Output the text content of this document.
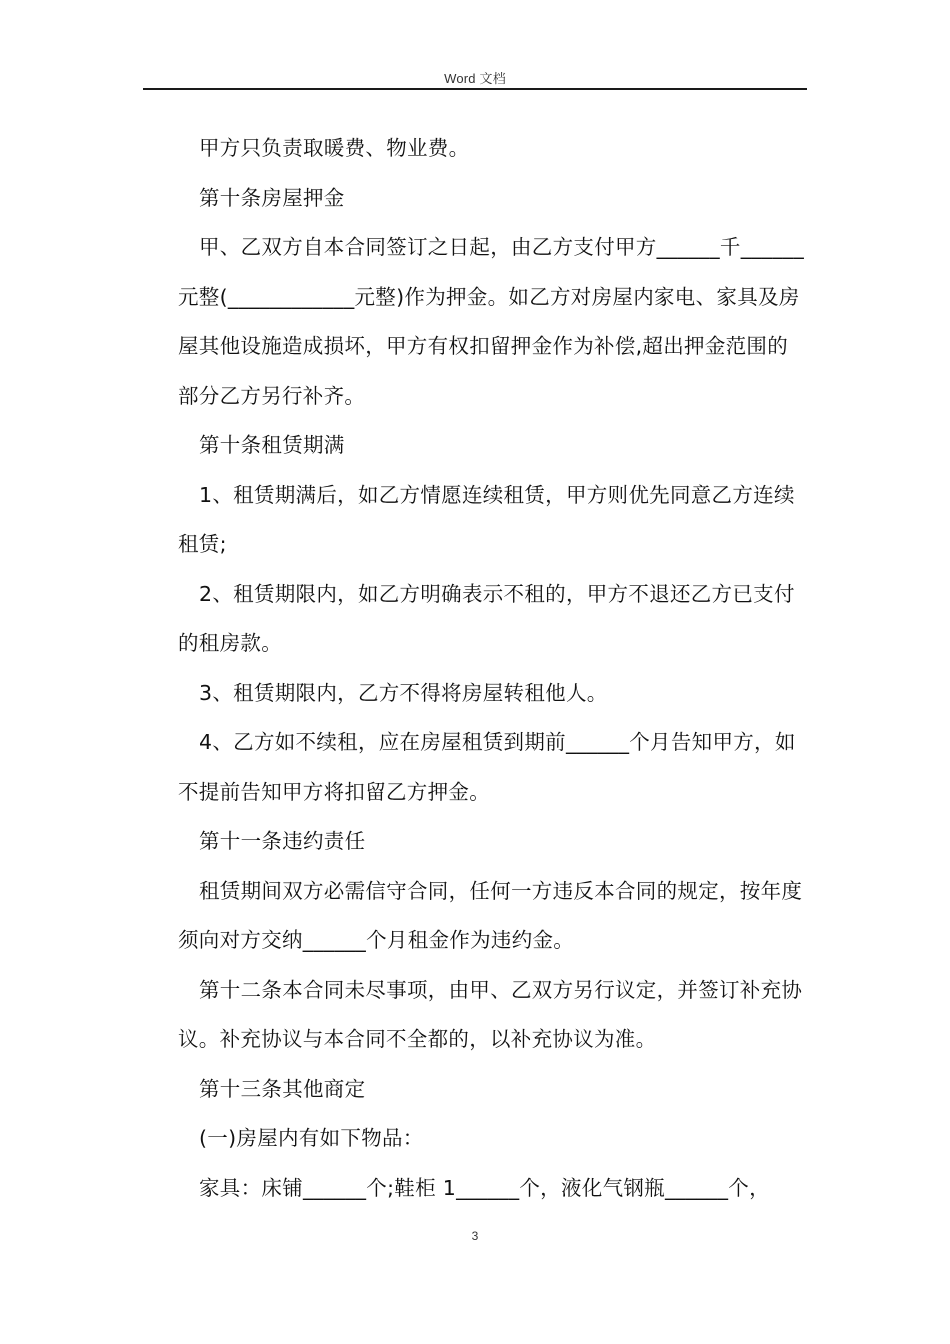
Word 文档

甲方只负责取暖费、物业费。

第十条房屋押金

甲、乙双方自本合同签订之日起，由乙方支付甲方______千______元整(____________元整)作为押金。如乙方对房屋内家电、家具及房屋其他设施造成损坏，甲方有权扣留押金作为补偿,超出押金范围的部分乙方另行补齐。

第十条租赁期满

1、租赁期满后，如乙方情愿连续租赁，甲方则优先同意乙方连续租赁;

2、租赁期限内，如乙方明确表示不租的，甲方不退还乙方已支付的租房款。

3、租赁期限内，乙方不得将房屋转租他人。

4、乙方如不续租，应在房屋租赁到期前______个月告知甲方，如不提前告知甲方将扣留乙方押金。

第十一条违约责任

租赁期间双方必需信守合同，任何一方违反本合同的规定，按年度须向对方交纳______个月租金作为违约金。

第十二条本合同未尽事项，由甲、乙双方另行议定，并签订补充协议。补充协议与本合同不全都的，以补充协议为准。

第十三条其他商定

(一)房屋内有如下物品：

家具：床铺______个;鞋柜 1______个，液化气钢瓶______个，

3
